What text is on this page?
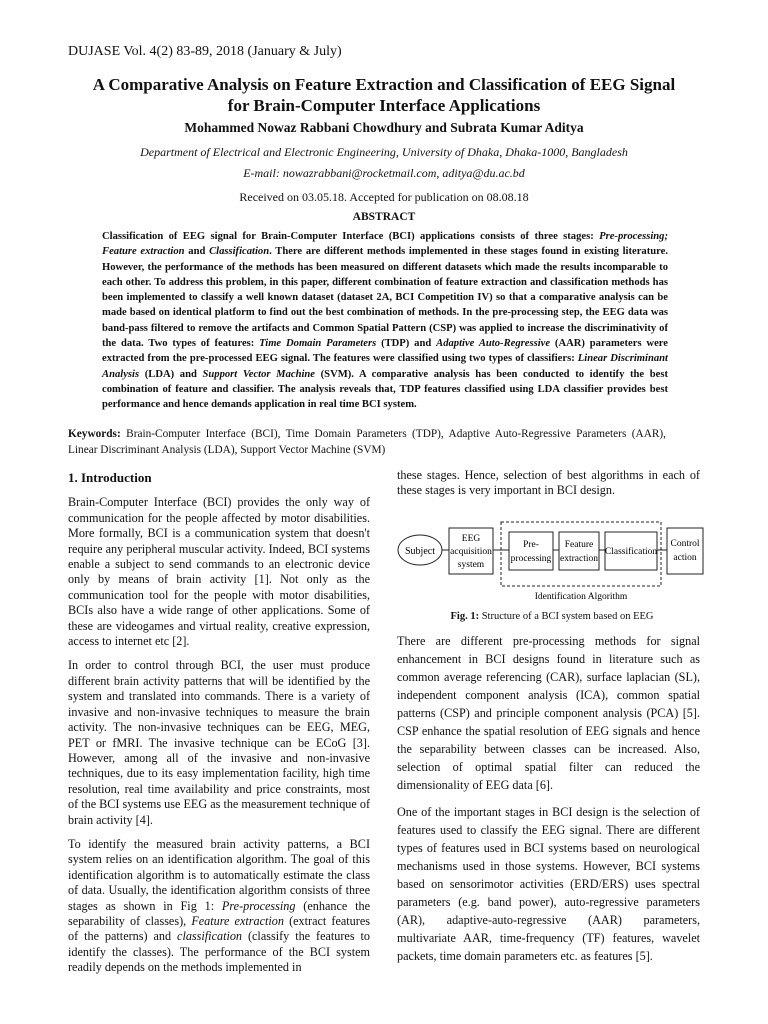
DUJASE Vol. 4(2) 83-89, 2018 (January & July)
A Comparative Analysis on Feature Extraction and Classification of EEG Signal
for Brain-Computer Interface Applications
Mohammed Nowaz Rabbani Chowdhury and Subrata Kumar Aditya
Department of Electrical and Electronic Engineering, University of Dhaka, Dhaka-1000, Bangladesh
E-mail: nowazrabbani@rocketmail.com, aditya@du.ac.bd
Received on 03.05.18. Accepted for publication on 08.08.18
ABSTRACT
Classification of EEG signal for Brain-Computer Interface (BCI) applications consists of three stages: Pre-processing; Feature extraction and Classification. There are different methods implemented in these stages found in existing literature. However, the performance of the methods has been measured on different datasets which made the results incomparable to each other. To address this problem, in this paper, different combination of feature extraction and classification methods has been implemented to classify a well known dataset (dataset 2A, BCI Competition IV) so that a comparative analysis can be made based on identical platform to find out the best combination of methods. In the pre-processing step, the EEG data was band-pass filtered to remove the artifacts and Common Spatial Pattern (CSP) was applied to increase the discriminativity of the data. Two types of features: Time Domain Parameters (TDP) and Adaptive Auto-Regressive (AAR) parameters were extracted from the pre-processed EEG signal. The features were classified using two types of classifiers: Linear Discriminant Analysis (LDA) and Support Vector Machine (SVM). A comparative analysis has been conducted to identify the best combination of feature and classifier. The analysis reveals that, TDP features classified using LDA classifier provides best performance and hence demands application in real time BCI system.
Keywords: Brain-Computer Interface (BCI), Time Domain Parameters (TDP), Adaptive Auto-Regressive Parameters (AAR), Linear Discriminant Analysis (LDA), Support Vector Machine (SVM)
1. Introduction

Brain-Computer Interface (BCI) provides the only way of communication for the people affected by motor disabilities. More formally, BCI is a communication system that doesn't require any peripheral muscular activity. Indeed, BCI systems enable a subject to send commands to an electronic device only by means of brain activity [1]. Not only as the communication tool for the people with motor disabilities, BCIs also have a wide range of other applications. Some of these are videogames and virtual reality, creative expression, access to internet etc [2].

In order to control through BCI, the user must produce different brain activity patterns that will be identified by the system and translated into commands. There is a variety of invasive and non-invasive techniques to measure the brain activity. The non-invasive techniques can be EEG, MEG, PET or fMRI. The invasive technique can be ECoG [3]. However, among all of the invasive and non-invasive techniques, due to its easy implementation facility, high time resolution, real time availability and price constraints, most of the BCI systems use EEG as the measurement technique of brain activity [4].

To identify the measured brain activity patterns, a BCI system relies on an identification algorithm. The goal of this identification algorithm is to automatically estimate the class of data. Usually, the identification algorithm consists of three stages as shown in Fig 1: Pre-processing (enhance the separability of classes), Feature extraction (extract features of the patterns) and classification (classify the features to identify the classes). The performance of the BCI system readily depends on the methods implemented in

these stages. Hence, selection of best algorithms in each of these stages is very important in BCI design.

Subject
EEG
acquisition
system
Pre-
processing
Feature
extraction
Classification
Control
action
Identification Algorithm
Fig. 1: Structure of a BCI system based on EEG

There are different pre-processing methods for signal enhancement in BCI designs found in literature such as common average referencing (CAR), surface laplacian (SL), independent component analysis (ICA), common spatial patterns (CSP) and principle component analysis (PCA) [5]. CSP enhance the spatial resolution of EEG signals and hence the separability between classes can be increased. Also, selection of optimal spatial filter can reduced the dimensionality of EEG data [6].

One of the important stages in BCI design is the selection of features used to classify the EEG signal. There are different types of features used in BCI systems based on neurological mechanisms used in those systems. However, BCI systems based on sensorimotor activities (ERD/ERS) uses spectral parameters (e.g. band power), auto-regressive parameters (AR), adaptive-auto-regressive (AAR) parameters, multivariate AAR, time-frequency (TF) features, wavelet packets, time domain parameters etc. as features [5].
